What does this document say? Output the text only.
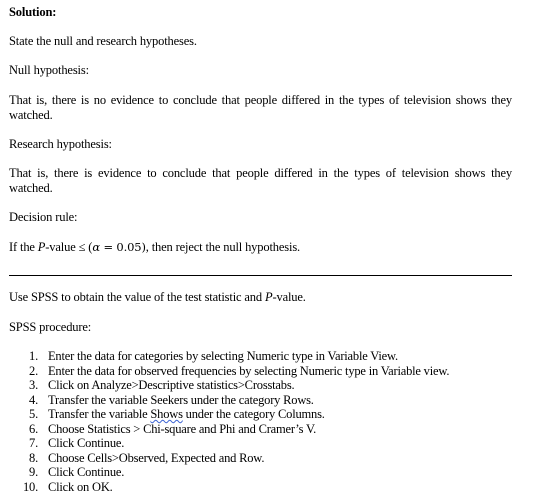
Solution:
State the null and research hypotheses.
Null hypothesis:
That is, there is no evidence to conclude that people differed in the types of television shows they watched.
Research hypothesis:
That is, there is evidence to conclude that people differed in the types of television shows they watched.
Decision rule:
If the P-value ≤ (α = 0.05), then reject the null hypothesis.
Use SPSS to obtain the value of the test statistic and P-value.
SPSS procedure:
1. Enter the data for categories by selecting Numeric type in Variable View.
2. Enter the data for observed frequencies by selecting Numeric type in Variable view.
3. Click on Analyze>Descriptive statistics>Crosstabs.
4. Transfer the variable Seekers under the category Rows.
5. Transfer the variable Shows under the category Columns.
6. Choose Statistics > Chi-square and Phi and Cramer’s V.
7. Click Continue.
8. Choose Cells>Observed, Expected and Row.
9. Click Continue.
10. Click on OK.
